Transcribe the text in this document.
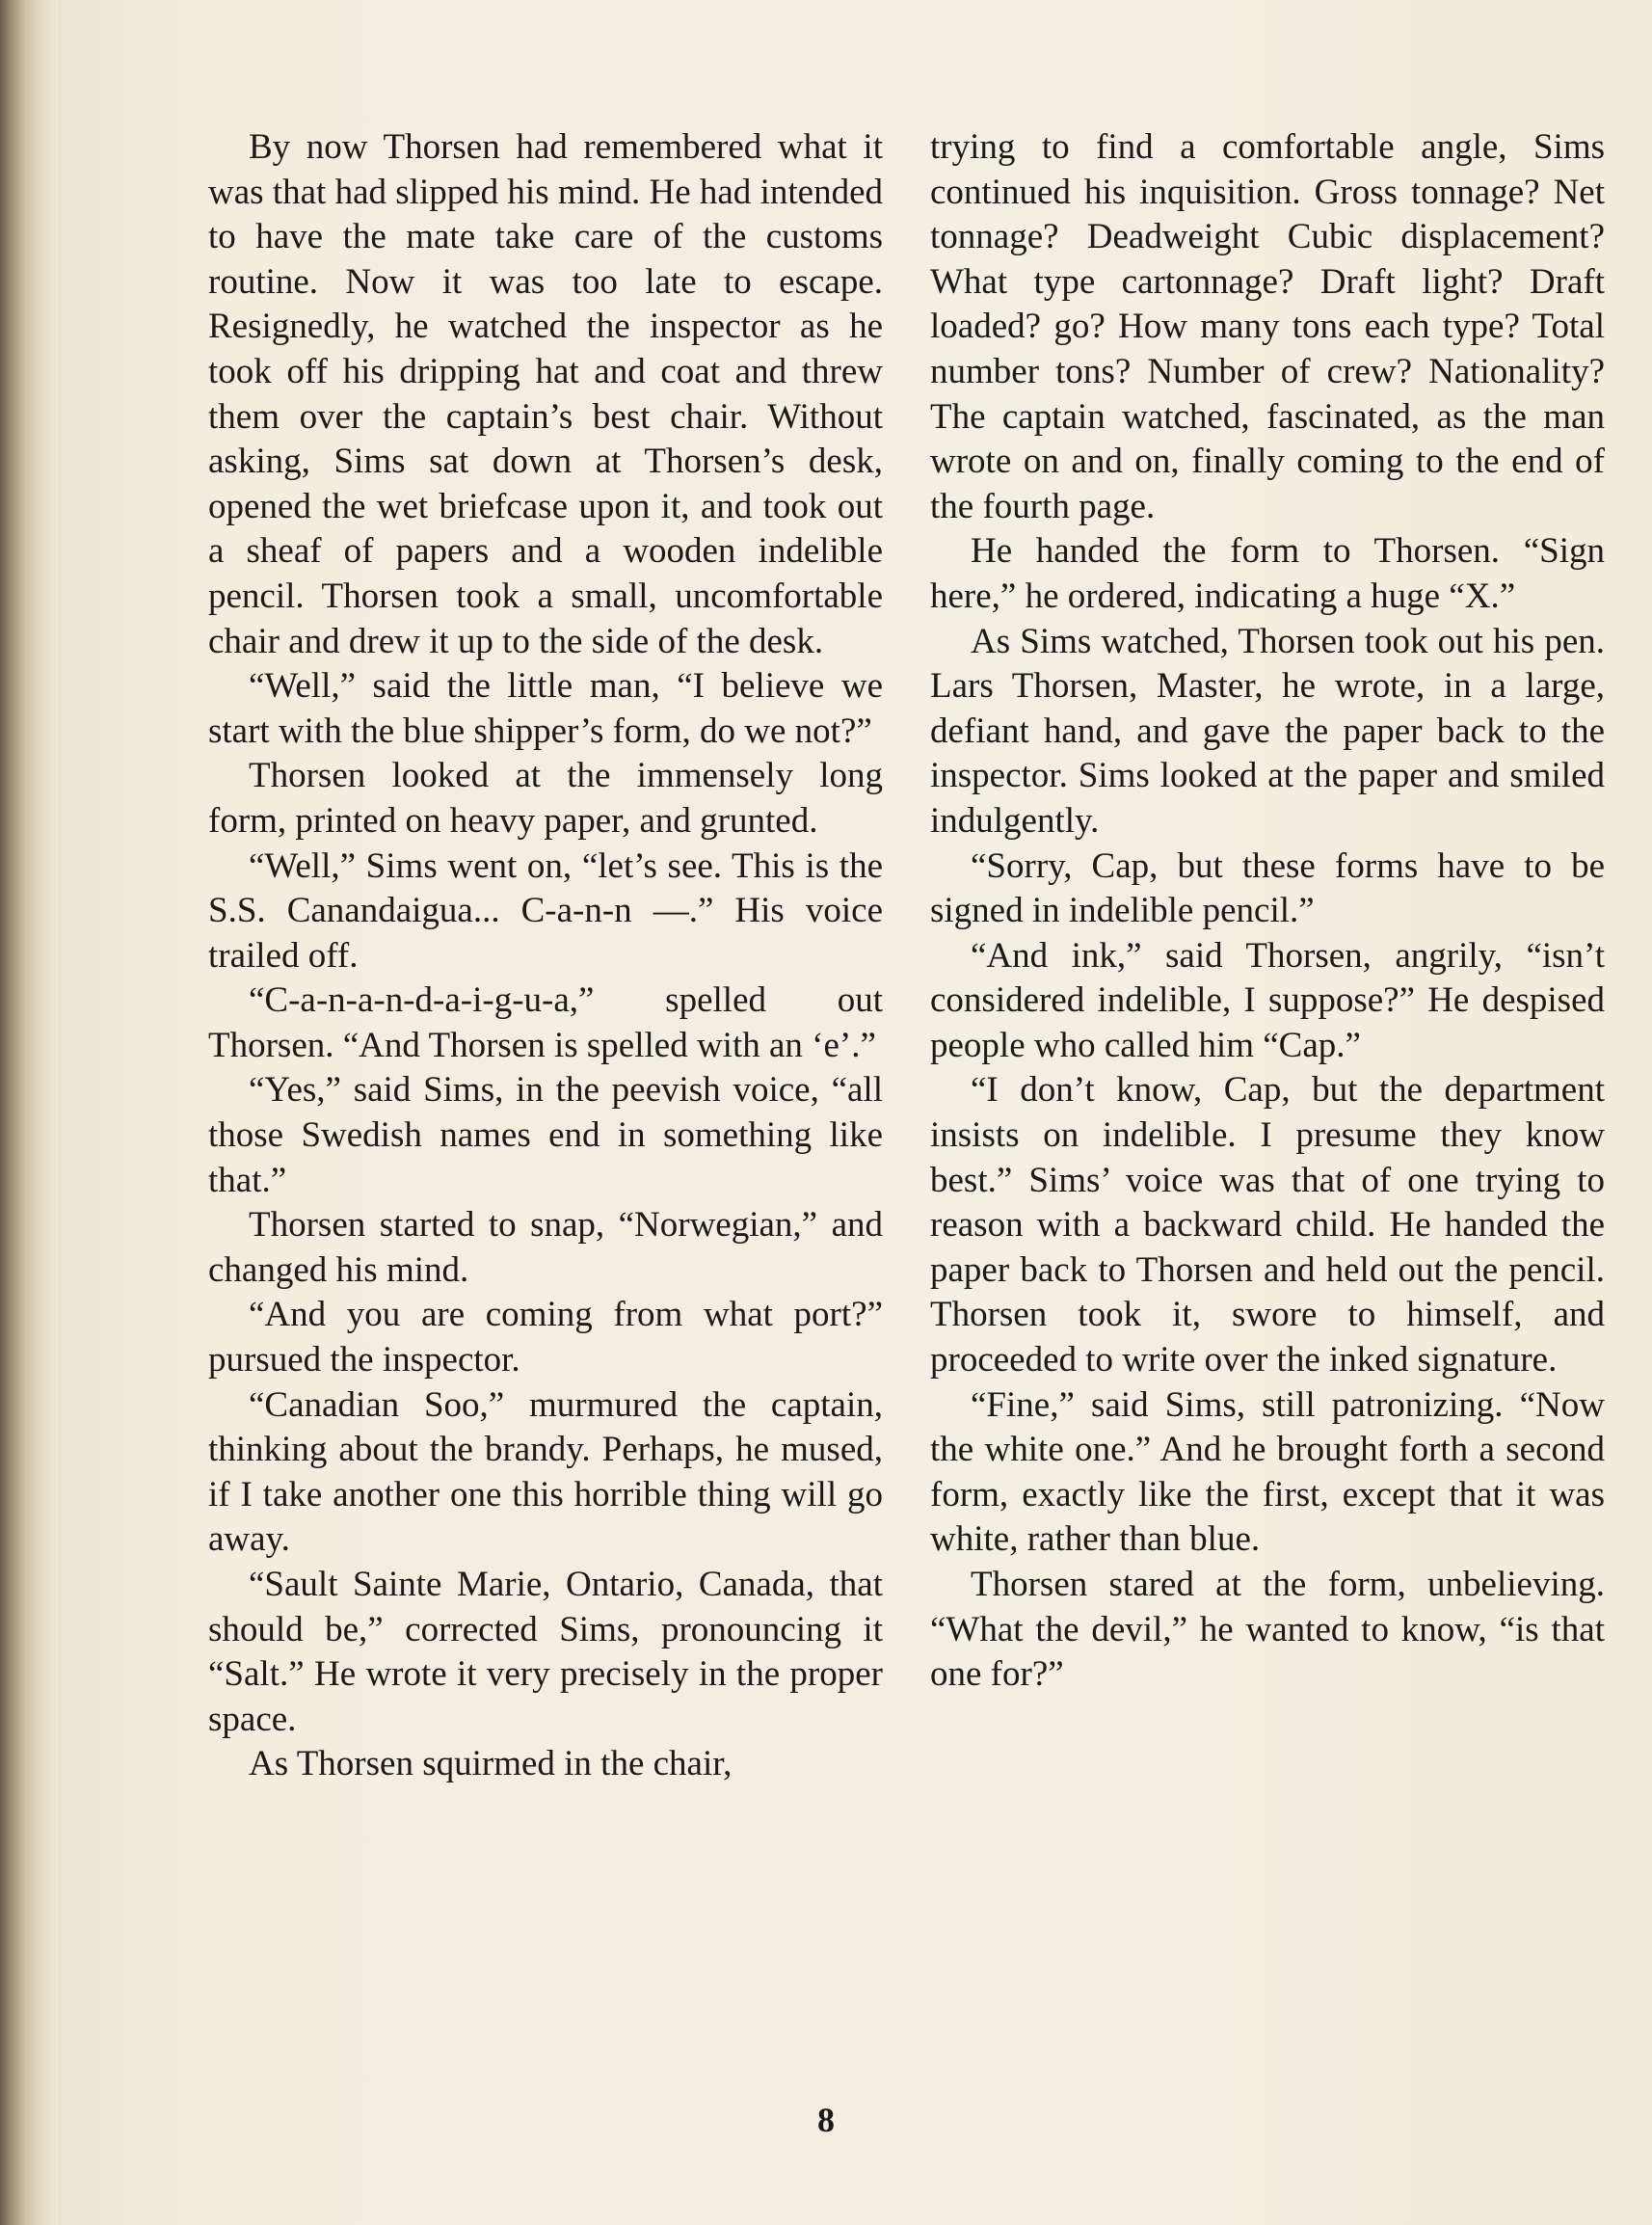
By now Thorsen had remembered what it was that had slipped his mind. He had intended to have the mate take care of the customs routine. Now it was too late to escape. Resignedly, he watched the inspector as he took off his dripping hat and coat and threw them over the captain’s best chair. Without asking, Sims sat down at Thorsen’s desk, opened the wet briefcase upon it, and took out a sheaf of papers and a wooden indelible pencil. Thorsen took a small, uncomfortable chair and drew it up to the side of the desk.

“Well,” said the little man, “I believe we start with the blue shipper’s form, do we not?”

Thorsen looked at the immensely long form, printed on heavy paper, and grunted.

“Well,” Sims went on, “let’s see. This is the S.S. Canandaigua... C-a-n-n —.” His voice trailed off.

“C-a-n-a-n-d-a-i-g-u-a,” spelled out Thorsen. “And Thorsen is spelled with an ‘e’.”

“Yes,” said Sims, in the peevish voice, “all those Swedish names end in something like that.”

Thorsen started to snap, “Norwegian,” and changed his mind.

“And you are coming from what port?” pursued the inspector.

“Canadian Soo,” murmured the captain, thinking about the brandy. Perhaps, he mused, if I take another one this horrible thing will go away.

“Sault Sainte Marie, Ontario, Canada, that should be,” corrected Sims, pronouncing it “Salt.” He wrote it very precisely in the proper space.

As Thorsen squirmed in the chair,

trying to find a comfortable angle, Sims continued his inquisition. Gross tonnage? Net tonnage? Deadweight Cubic displacement? What type cartonnage? Draft light? Draft loaded? go? How many tons each type? Total number tons? Number of crew? Nationality? The captain watched, fascinated, as the man wrote on and on, finally coming to the end of the fourth page.

He handed the form to Thorsen. “Sign here,” he ordered, indicating a huge “X.”

As Sims watched, Thorsen took out his pen. Lars Thorsen, Master, he wrote, in a large, defiant hand, and gave the paper back to the inspector. Sims looked at the paper and smiled indulgently.

“Sorry, Cap, but these forms have to be signed in indelible pencil.”

“And ink,” said Thorsen, angrily, “isn’t considered indelible, I suppose?” He despised people who called him “Cap.”

“I don’t know, Cap, but the department insists on indelible. I presume they know best.” Sims’ voice was that of one trying to reason with a backward child. He handed the paper back to Thorsen and held out the pencil. Thorsen took it, swore to himself, and proceeded to write over the inked signature.

“Fine,” said Sims, still patronizing. “Now the white one.” And he brought forth a second form, exactly like the first, except that it was white, rather than blue.

Thorsen stared at the form, unbelieving. “What the devil,” he wanted to know, “is that one for?”

8
